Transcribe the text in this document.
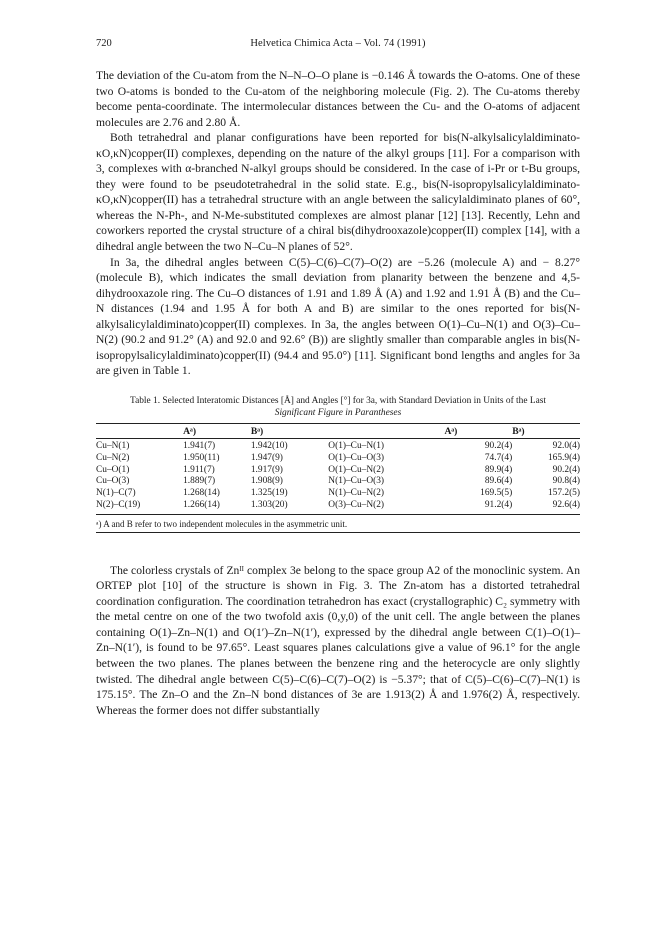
720	Helvetica Chimica Acta – Vol. 74 (1991)

The deviation of the Cu-atom from the N–N–O–O plane is −0.146 Å towards the O-atoms. One of these two O-atoms is bonded to the Cu-atom of the neighboring molecule (Fig. 2). The Cu-atoms thereby become penta-coordinate. The intermolecular distances between the Cu- and the O-atoms of adjacent molecules are 2.76 and 2.80 Å.

Both tetrahedral and planar configurations have been reported for bis(N-alkylsalicylaldiminato-κO,κN)copper(II) complexes, depending on the nature of the alkyl groups [11]. For a comparison with 3, complexes with α-branched N-alkyl groups should be considered. In the case of i-Pr or t-Bu groups, they were found to be pseudotetrahedral in the solid state. E.g., bis(N-isopropylsalicylaldiminato-κO,κN)copper(II) has a tetrahedral structure with an angle between the salicylaldiminato planes of 60°, whereas the N-Ph-, and N-Me-substituted complexes are almost planar [12] [13]. Recently, Lehn and coworkers reported the crystal structure of a chiral bis(dihydrooxazole)copper(II) complex [14], with a dihedral angle between the two N–Cu–N planes of 52°.

In 3a, the dihedral angles between C(5)–C(6)–C(7)–O(2) are −5.26 (molecule A) and − 8.27° (molecule B), which indicates the small deviation from planarity between the benzene and 4,5-dihydrooxazole ring. The Cu–O distances of 1.91 and 1.89 Å (A) and 1.92 and 1.91 Å (B) and the Cu–N distances (1.94 and 1.95 Å for both A and B) are similar to the ones reported for bis(N-alkylsalicylaldiminato)copper(II) complexes. In 3a, the angles between O(1)–Cu–N(1) and O(3)–Cu–N(2) (90.2 and 91.2° (A) and 92.0 and 92.6° (B)) are slightly smaller than comparable angles in bis(N-isopropylsalicylaldiminato)copper(II) (94.4 and 95.0°) [11]. Significant bond lengths and angles for 3a are given in Table 1.

Table 1. Selected Interatomic Distances [Å] and Angles [°] for 3a, with Standard Deviation in Units of the Last
Significant Figure in Parantheses
	Aᵃ)	Bᵃ)		Aᵃ)	Bᵃ)
Cu–N(1)	1.941(7)	1.942(10)	O(1)–Cu–N(1)	90.2(4)	92.0(4)
Cu–N(2)	1.950(11)	1.947(9)	O(1)–Cu–O(3)	74.7(4)	165.9(4)
Cu–O(1)	1.911(7)	1.917(9)	O(1)–Cu–N(2)	89.9(4)	90.2(4)
Cu–O(3)	1.889(7)	1.908(9)	N(1)–Cu–O(3)	89.6(4)	90.8(4)
N(1)–C(7)	1.268(14)	1.325(19)	N(1)–Cu–N(2)	169.5(5)	157.2(5)
N(2)–C(19)	1.266(14)	1.303(20)	O(3)–Cu–N(2)	91.2(4)	92.6(4)
ᵃ) A and B refer to two independent molecules in the asymmetric unit.

The colorless crystals of Znᴵᴵ complex 3e belong to the space group A2 of the monoclinic system. An ORTEP plot [10] of the structure is shown in Fig. 3. The Zn-atom has a distorted tetrahedral coordination configuration. The coordination tetrahedron has exact (crystallographic) C₂ symmetry with the metal centre on one of the two twofold axis (0,y,0) of the unit cell. The angle between the planes containing O(1)–Zn–N(1) and O(1′)–Zn–N(1′), expressed by the dihedral angle between C(1)–O(1)–Zn–N(1′), is found to be 97.65°. Least squares planes calculations give a value of 96.1° for the angle between the two planes. The planes between the benzene ring and the heterocycle are only slightly twisted. The dihedral angle between C(5)–C(6)–C(7)–O(2) is −5.37°; that of C(5)–C(6)–C(7)–N(1) is 175.15°. The Zn–O and the Zn–N bond distances of 3e are 1.913(2) Å and 1.976(2) Å, respectively. Whereas the former does not differ substantially
